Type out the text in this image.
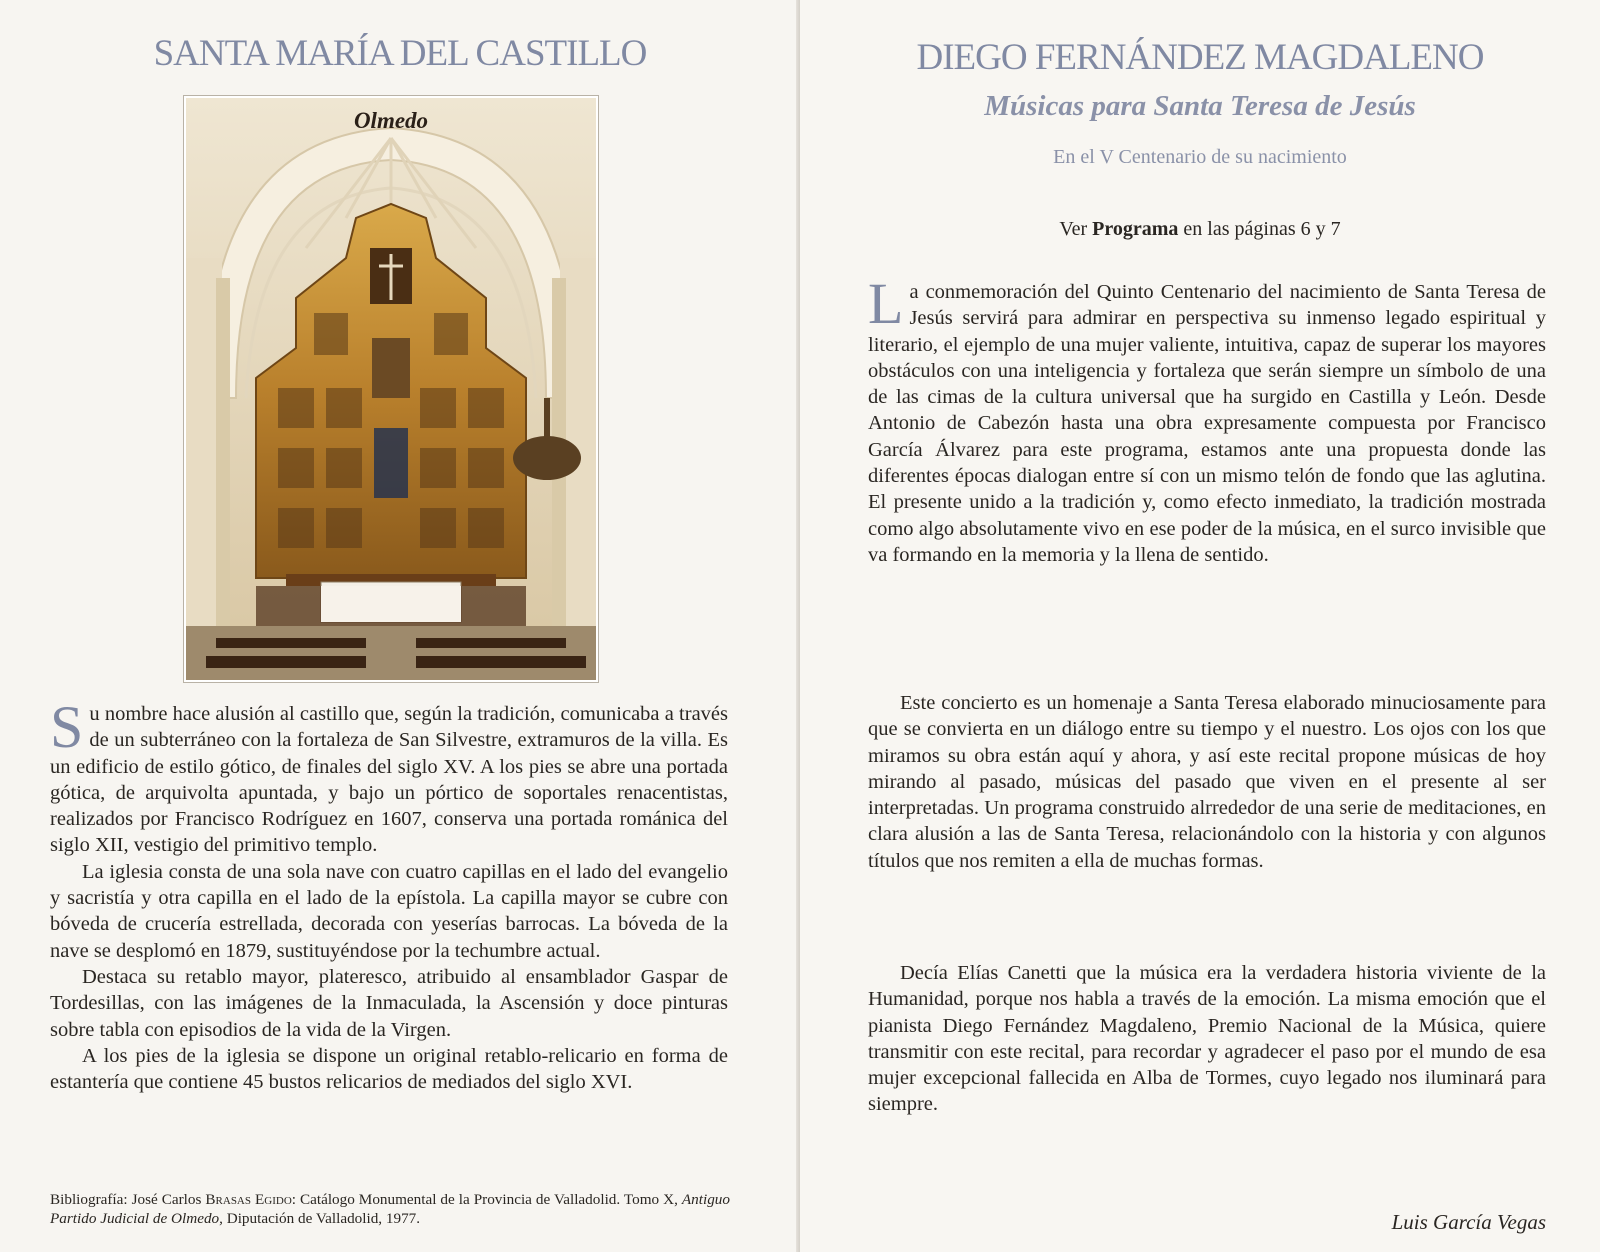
SANTA MARÍA DEL CASTILLO
Olmedo

Su nombre hace alusión al castillo que, según la tradición, comunicaba a través de un subterráneo con la fortaleza de San Silvestre, extramuros de la villa. Es un edificio de estilo gótico, de finales del siglo XV. A los pies se abre una portada gótica, de arquivolta apuntada, y bajo un pórtico de soportales renacentistas, realizados por Francisco Rodríguez en 1607, conserva una portada románica del siglo XII, vestigio del primitivo templo.

La iglesia consta de una sola nave con cuatro capillas en el lado del evangelio y sacristía y otra capilla en el lado de la epístola. La capilla mayor se cubre con bóveda de crucería estrellada, decorada con yeserías barrocas. La bóveda de la nave se desplomó en 1879, sustituyéndose por la techumbre actual.

Destaca su retablo mayor, plateresco, atribuido al ensamblador Gaspar de Tordesillas, con las imágenes de la Inmaculada, la Ascensión y doce pinturas sobre tabla con episodios de la vida de la Virgen.

A los pies de la iglesia se dispone un original retablo-relicario en forma de estantería que contiene 45 bustos relicarios de mediados del siglo XVI.

Bibliografía: José Carlos Brasas Egido: Catálogo Monumental de la Provincia de Valladolid. Tomo X, Antiguo Partido Judicial de Olmedo, Diputación de Valladolid, 1977.

DIEGO FERNÁNDEZ MAGDALENO
Músicas para Santa Teresa de Jesús

En el V Centenario de su nacimiento

Ver Programa en las páginas 6 y 7

La conmemoración del Quinto Centenario del nacimiento de Santa Teresa de Jesús servirá para admirar en perspectiva su inmenso legado espiritual y literario, el ejemplo de una mujer valiente, intuitiva, capaz de superar los mayores obstáculos con una inteligencia y fortaleza que serán siempre un símbolo de una de las cimas de la cultura universal que ha surgido en Castilla y León. Desde Antonio de Cabezón hasta una obra expresamente compuesta por Francisco García Álvarez para este programa, estamos ante una propuesta donde las diferentes épocas dialogan entre sí con un mismo telón de fondo que las aglutina. El presente unido a la tradición y, como efecto inmediato, la tradición mostrada como algo absolutamente vivo en ese poder de la música, en el surco invisible que va formando en la memoria y la llena de sentido.

Este concierto es un homenaje a Santa Teresa elaborado minuciosamente para que se convierta en un diálogo entre su tiempo y el nuestro. Los ojos con los que miramos su obra están aquí y ahora, y así este recital propone músicas de hoy mirando al pasado, músicas del pasado que viven en el presente al ser interpretadas. Un programa construido alrrededor de una serie de meditaciones, en clara alusión a las de Santa Teresa, relacionándolo con la historia y con algunos títulos que nos remiten a ella de muchas formas.

Decía Elías Canetti que la música era la verdadera historia viviente de la Humanidad, porque nos habla a través de la emoción. La misma emoción que el pianista Diego Fernández Magdaleno, Premio Nacional de la Música, quiere transmitir con este recital, para recordar y agradecer el paso por el mundo de esa mujer excepcional fallecida en Alba de Tormes, cuyo legado nos iluminará para siempre.

Luis García Vegas
